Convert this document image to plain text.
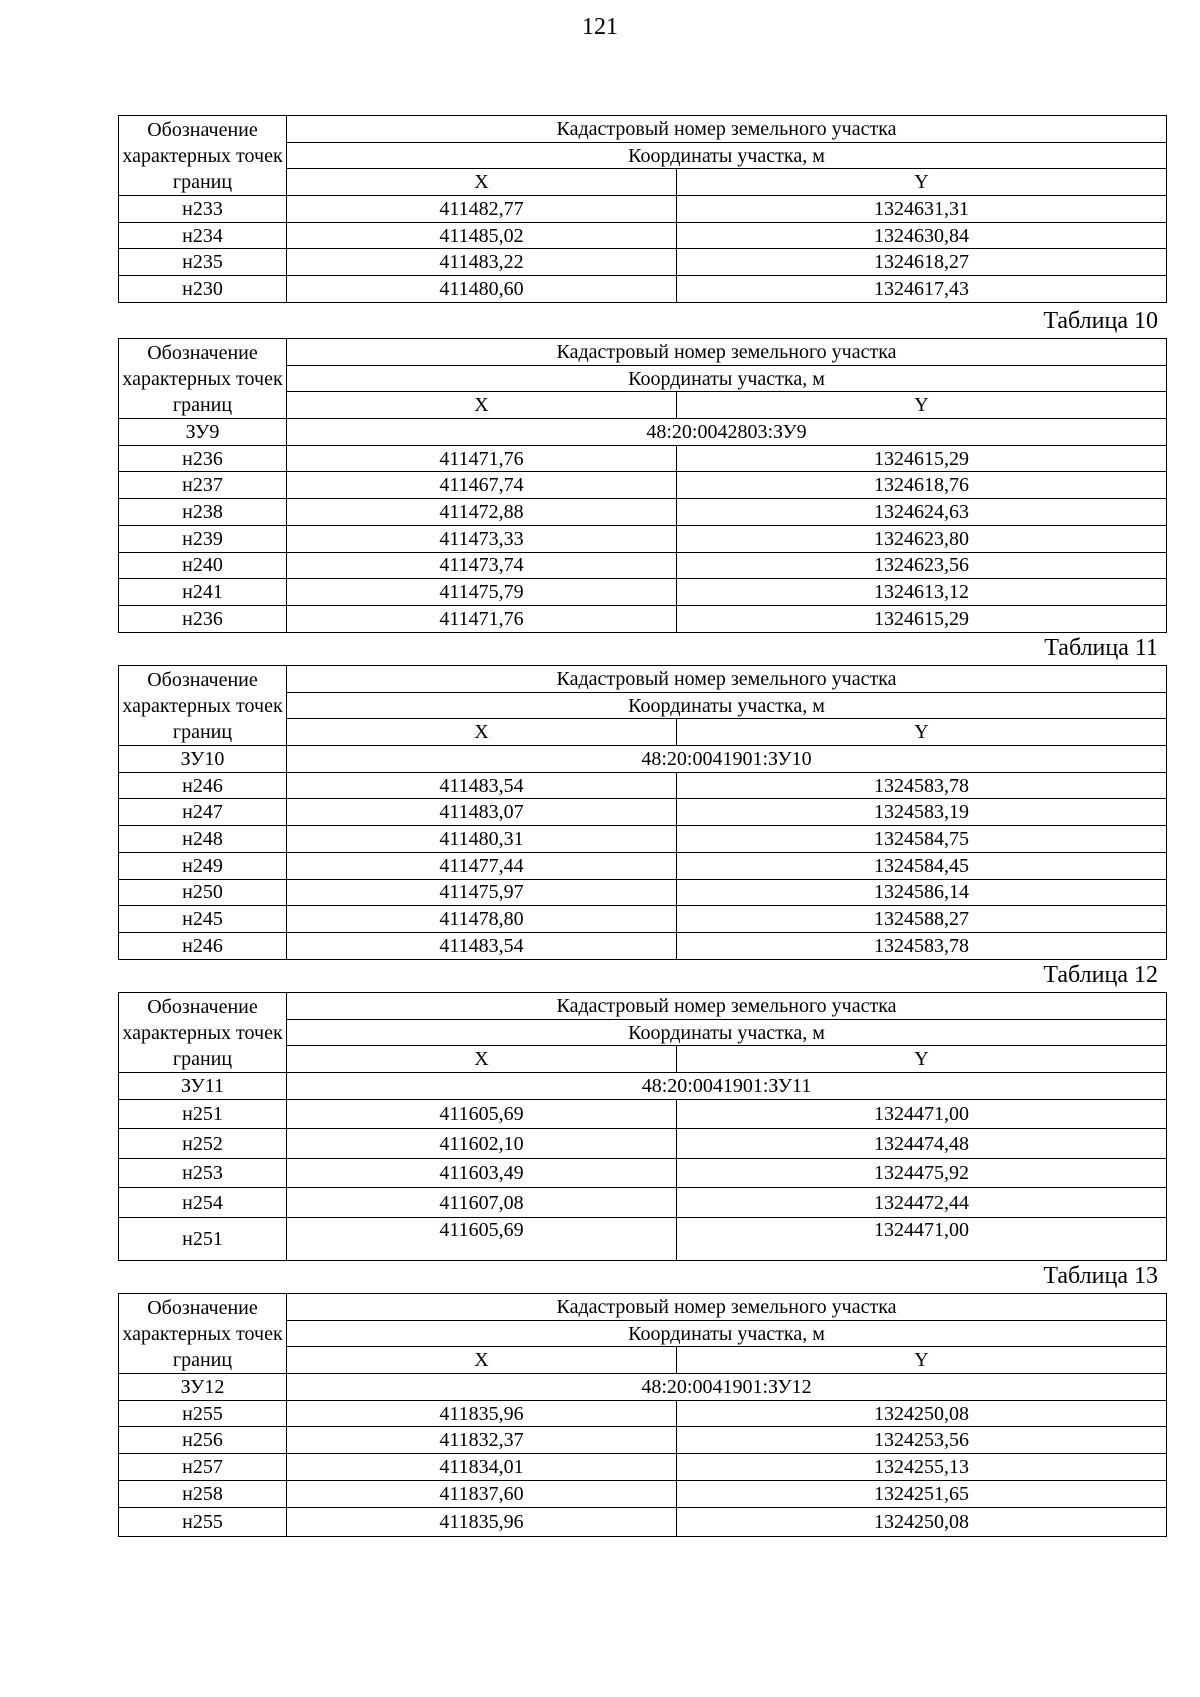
121
Обозначение характерных точек границ	Кадастровый номер земельного участка	
	Координаты участка, м	
	X	Y
н233	411482,77	1324631,31
н234	411485,02	1324630,84
н235	411483,22	1324618,27
н230	411480,60	1324617,43
Таблица 10
Обозначение характерных точек границ	Кадастровый номер земельного участка	
	Координаты участка, м	
	X	Y
ЗУ9	48:20:0042803:ЗУ9	
н236	411471,76	1324615,29
н237	411467,74	1324618,76
н238	411472,88	1324624,63
н239	411473,33	1324623,80
н240	411473,74	1324623,56
н241	411475,79	1324613,12
н236	411471,76	1324615,29
Таблица 11
Обозначение характерных точек границ	Кадастровый номер земельного участка	
	Координаты участка, м	
	X	Y
ЗУ10	48:20:0041901:ЗУ10	
н246	411483,54	1324583,78
н247	411483,07	1324583,19
н248	411480,31	1324584,75
н249	411477,44	1324584,45
н250	411475,97	1324586,14
н245	411478,80	1324588,27
н246	411483,54	1324583,78
Таблица 12
Обозначение характерных точек границ	Кадастровый номер земельного участка	
	Координаты участка, м	
	X	Y
ЗУ11	48:20:0041901:ЗУ11	
н251	411605,69	1324471,00
н252	411602,10	1324474,48
н253	411603,49	1324475,92
н254	411607,08	1324472,44
н251	411605,69	1324471,00
Таблица 13
Обозначение характерных точек границ	Кадастровый номер земельного участка	
	Координаты участка, м	
	X	Y
ЗУ12	48:20:0041901:ЗУ12	
н255	411835,96	1324250,08
н256	411832,37	1324253,56
н257	411834,01	1324255,13
н258	411837,60	1324251,65
н255	411835,96	1324250,08
